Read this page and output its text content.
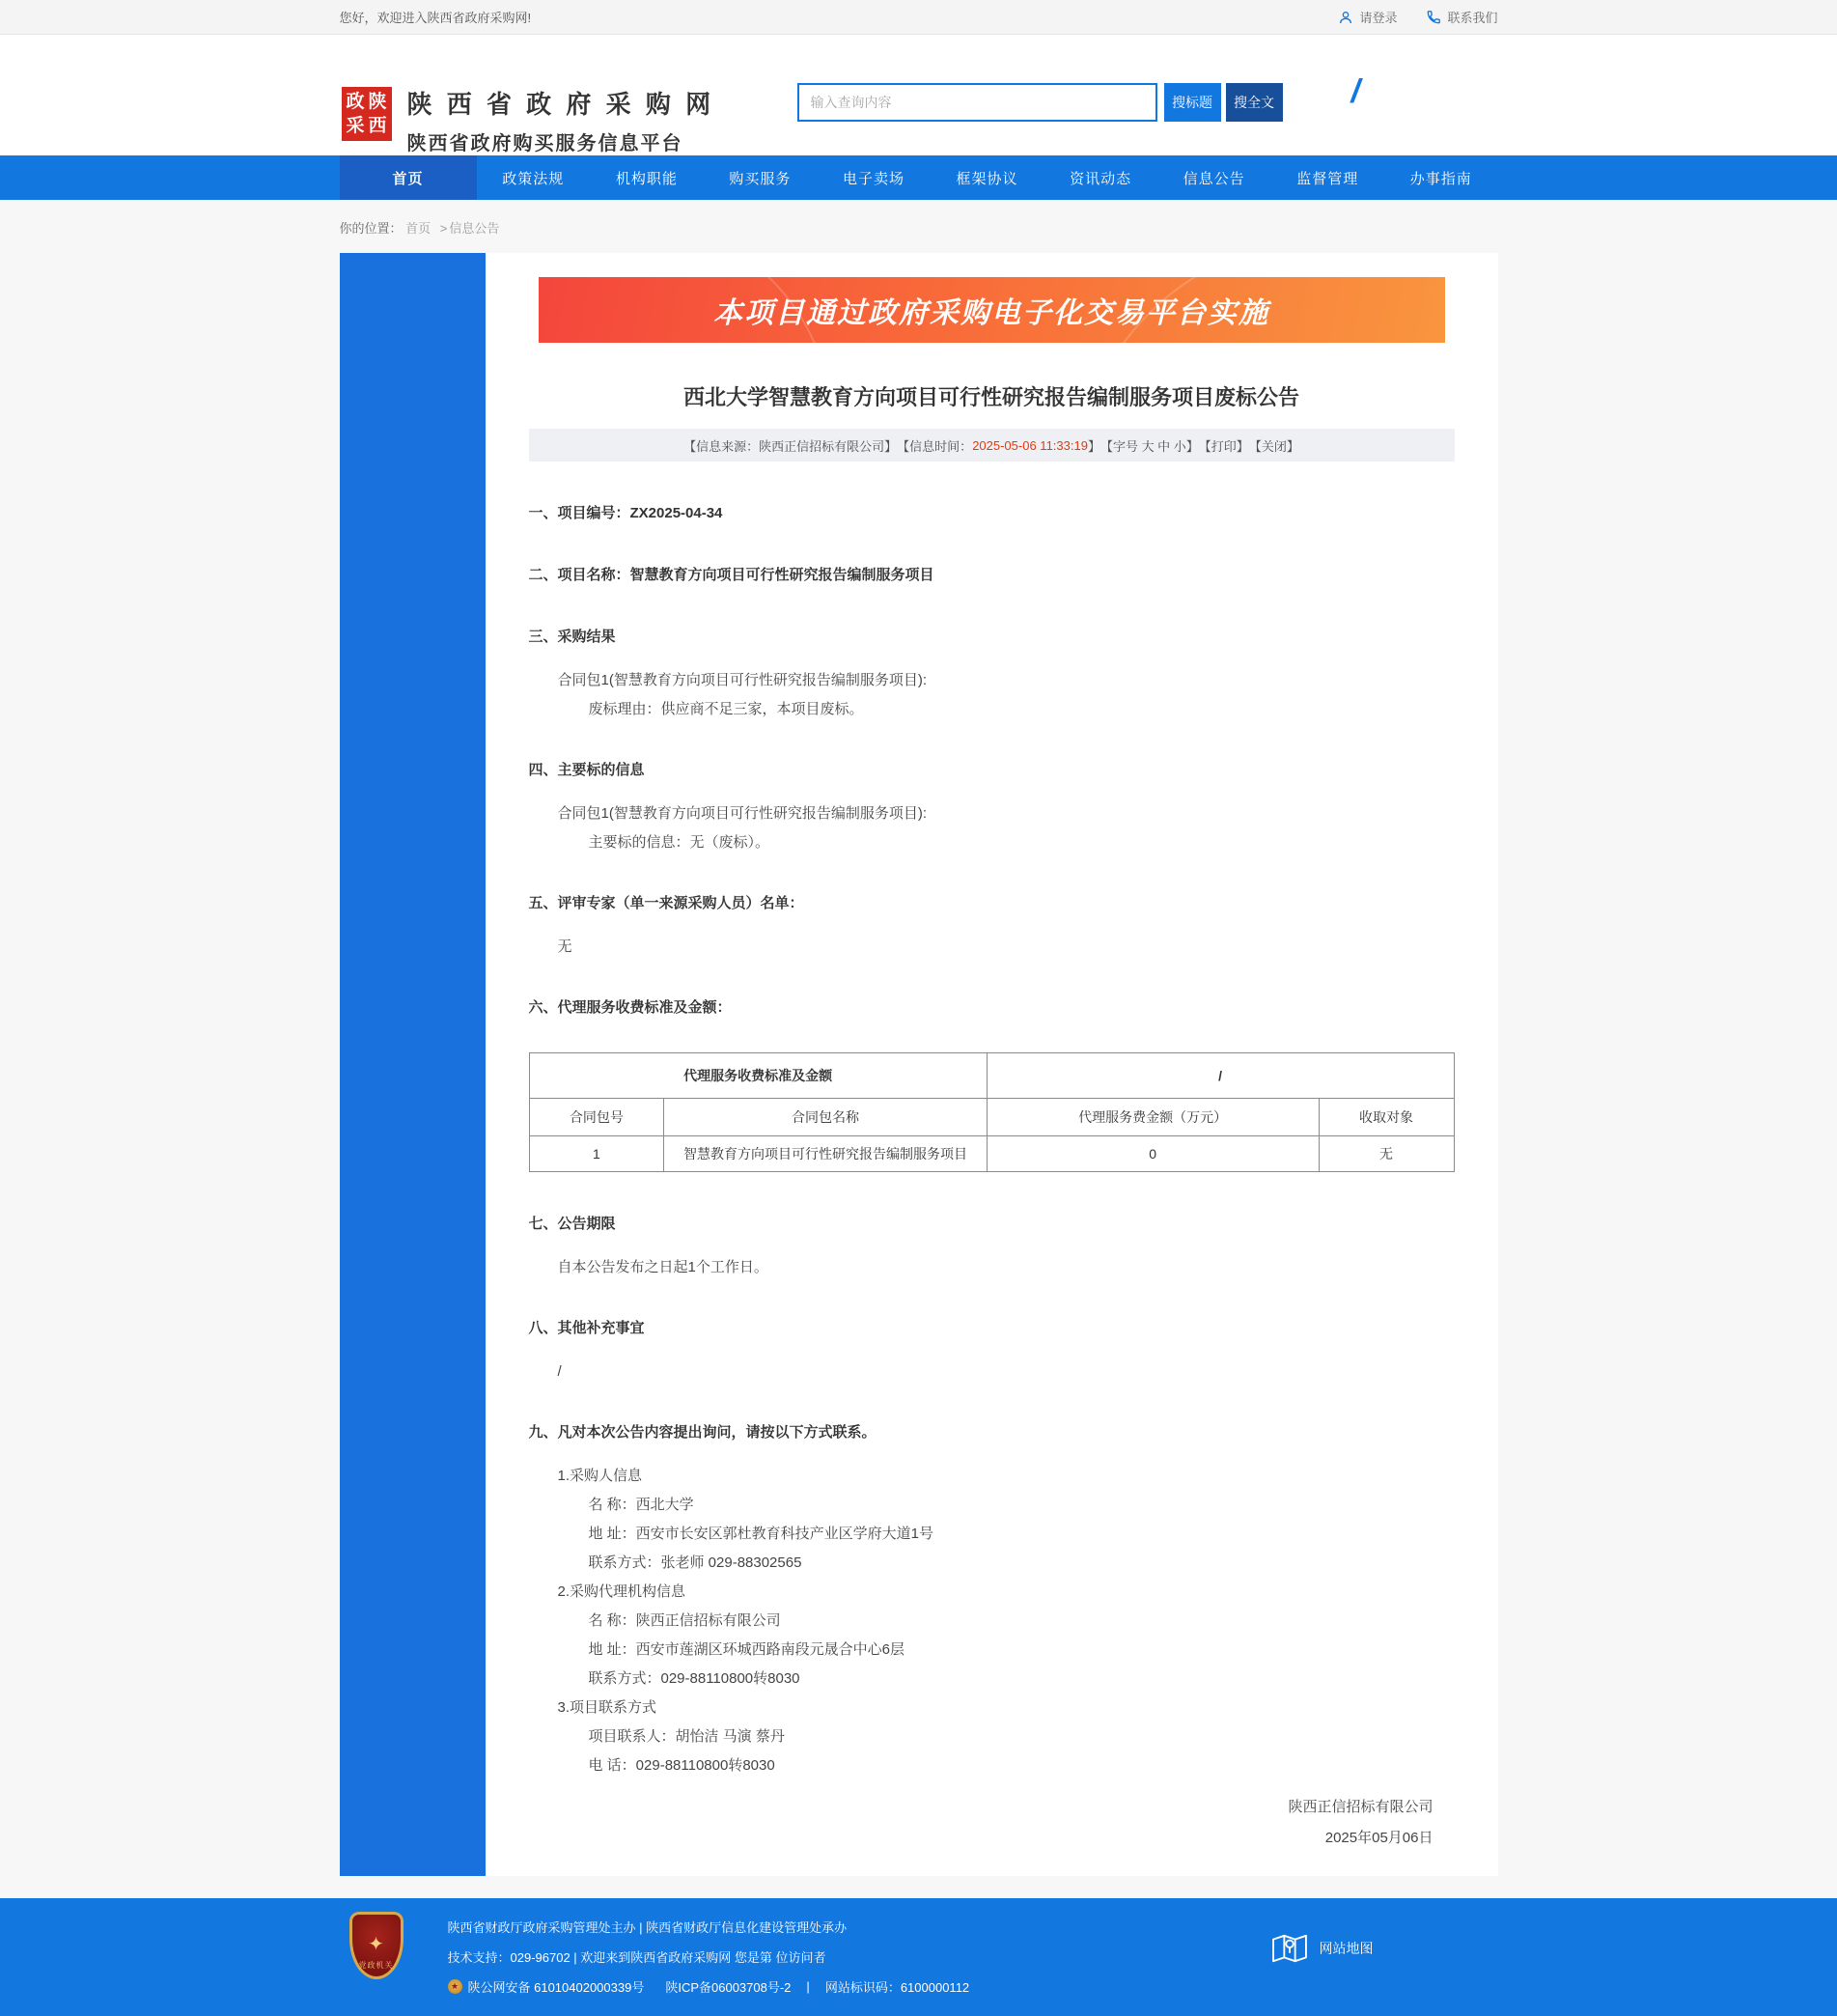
您好，欢迎进入陕西省政府采购网!	请登录	联系我们
政 陕
采 西
陕 西 省 政 府 采 购 网
陕西省政府购买服务信息平台
输入查询内容
搜标题	搜全文 /
首页	政策法规	机构职能	购买服务	电子卖场	框架协议	资讯动态	信息公告	监督管理	办事指南
你的位置： 首页 > 信息公告
本项目通过政府采购电子化交易平台实施
西北大学智慧教育方向项目可行性研究报告编制服务项目废标公告
【信息来源：陕西正信招标有限公司】 【信息时间： 2025-05-06 11:33:19 】 【字号 大 中 小】 【打印】 【关闭】
一、项目编号：ZX2025-04-34
二、项目名称：智慧教育方向项目可行性研究报告编制服务项目
三、采购结果
合同包1(智慧教育方向项目可行性研究报告编制服务项目):
废标理由：供应商不足三家，本项目废标。
四、主要标的信息
合同包1(智慧教育方向项目可行性研究报告编制服务项目):
主要标的信息：无（废标）。
五、评审专家（单一来源采购人员）名单：
无
六、代理服务收费标准及金额：
代理服务收费标准及金额		/	
合同包号	合同包名称	代理服务费金额（万元）	收取对象
1	智慧教育方向项目可行性研究报告编制服务项目	0	无
七、公告期限
自本公告发布之日起1个工作日。
八、其他补充事宜
/
九、凡对本次公告内容提出询问，请按以下方式联系。
1.采购人信息
名 称：西北大学
地 址：西安市长安区郭杜教育科技产业区学府大道1号
联系方式：张老师 029-88302565
2.采购代理机构信息
名 称：陕西正信招标有限公司
地 址：西安市莲湖区环城西路南段元晟合中心6层
联系方式：029-88110800转8030
3.项目联系方式
项目联系人：胡怡洁 马演 蔡丹
电 话：029-88110800转8030
陕西正信招标有限公司
2025年05月06日
✦
党政机关
陕西省财政厅政府采购管理处主办 | 陕西省财政厅信息化建设管理处承办
技术支持：029-96702 | 欢迎来到陕西省政府采购网 您是第 位访问者
★ 陕公网安备 61010402000339号 陕ICP备06003708号-2 | 网站标识码：6100000112
网站地图
